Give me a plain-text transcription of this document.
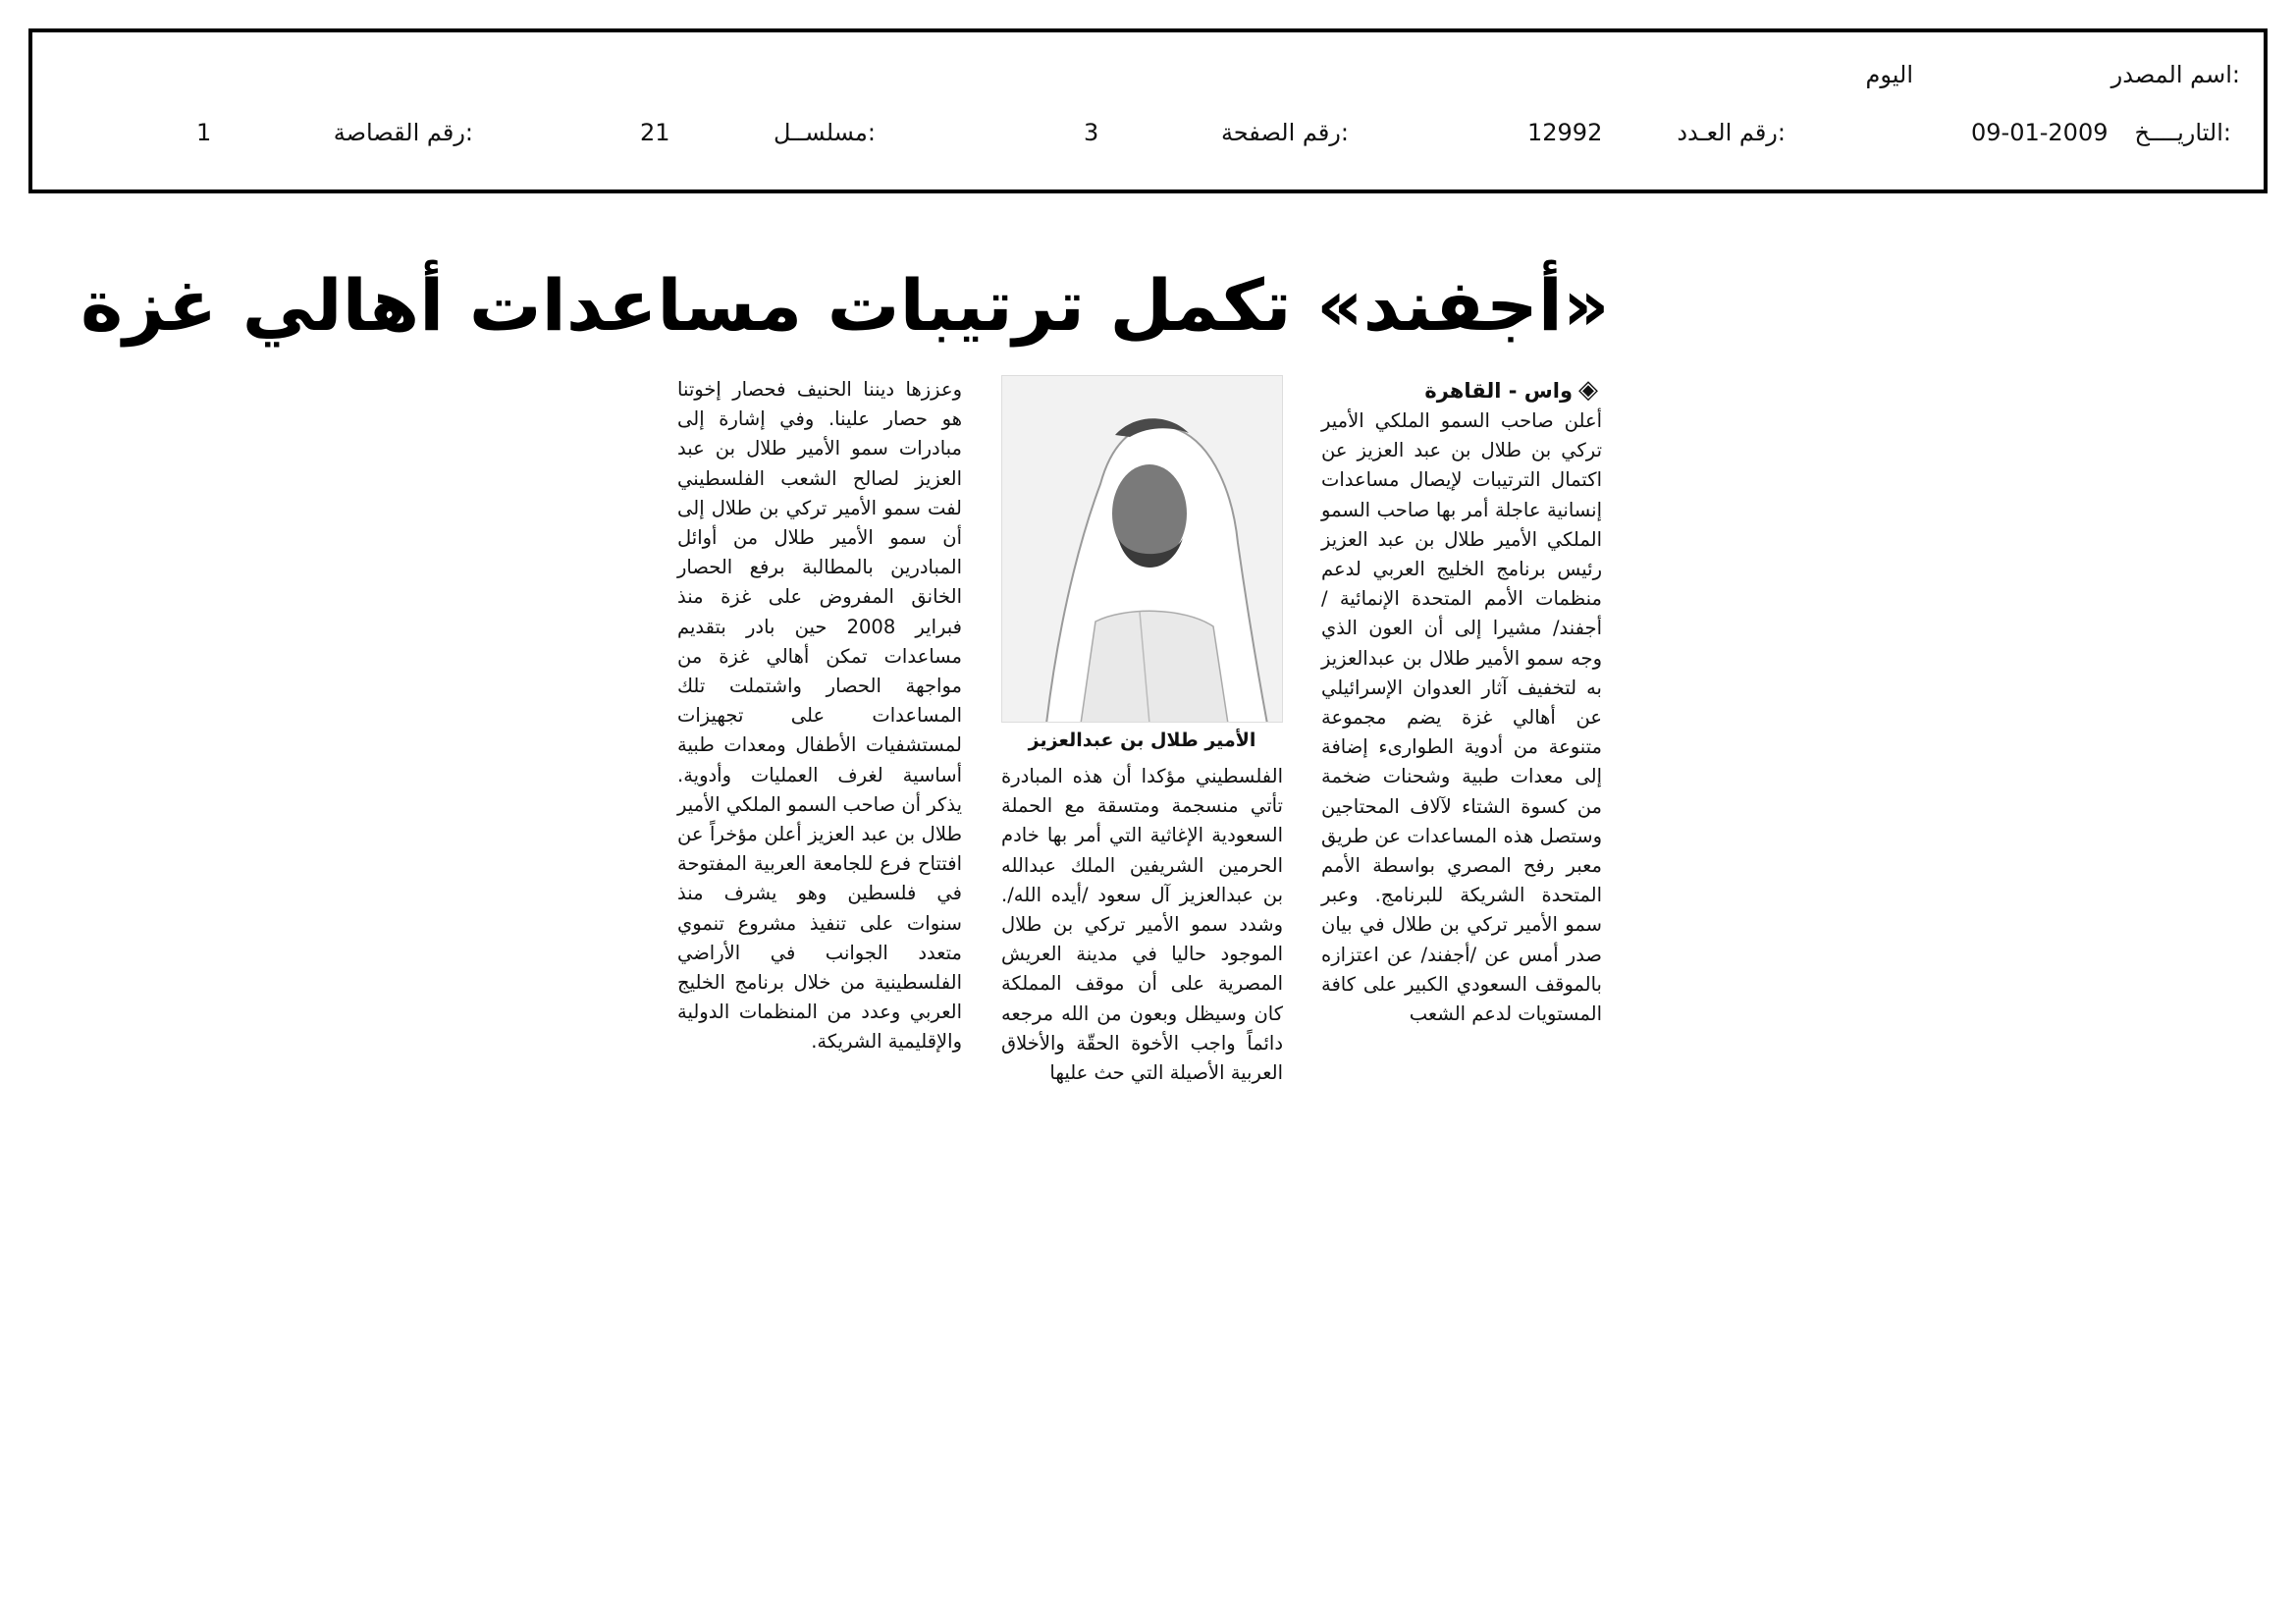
اسم المصدر:
اليوم
التاريــــخ:
09-01-2009
رقم العـدد:
12992
رقم الصفحة:
3
مسلســل:
21
رقم القصاصة:
1
«أجفند» تكمل ترتيبات مساعدات أهالي غزة
◈واس - القاهرة

أعلن صاحب السمو الملكي الأمير تركي بن طلال بن عبد العزيز عن اكتمال الترتيبات لإيصال مساعدات إنسانية عاجلة أمر بها صاحب السمو الملكي الأمير طلال بن عبد العزيز رئيس برنامج الخليج العربي لدعم منظمات الأمم المتحدة الإنمائية /أجفند/ مشيرا إلى أن العون الذي وجه سمو الأمير طلال بن عبدالعزيز به لتخفيف آثار العدوان الإسرائيلي عن أهالي غزة يضم مجموعة متنوعة من أدوية الطوارىء إضافة إلى معدات طبية وشحنات ضخمة من كسوة الشتاء لآلاف المحتاجين وستصل هذه المساعدات عن طريق معبر رفح المصري بواسطة الأمم المتحدة الشريكة للبرنامج. وعبر سمو الأمير تركي بن طلال في بيان صدر أمس عن /أجفند/ عن اعتزازه بالموقف السعودي الكبير على كافة المستويات لدعم الشعب

الأمير طلال بن عبدالعزيز

الفلسطيني مؤكدا أن هذه المبادرة تأتي منسجمة ومتسقة مع الحملة السعودية الإغاثية التي أمر بها خادم الحرمين الشريفين الملك عبدالله بن عبدالعزيز آل سعود /أيده الله/. وشدد سمو الأمير تركي بن طلال الموجود حاليا في مدينة العريش المصرية على أن موقف المملكة كان وسيظل وبعون من الله مرجعه دائماً واجب الأخوة الحقّة والأخلاق العربية الأصيلة التي حث عليها

وعززها ديننا الحنيف فحصار إخوتنا هو حصار علينا. وفي إشارة إلى مبادرات سمو الأمير طلال بن عبد العزيز لصالح الشعب الفلسطيني لفت سمو الأمير تركي بن طلال إلى أن سمو الأمير طلال من أوائل المبادرين بالمطالبة برفع الحصار الخانق المفروض على غزة منذ فبراير 2008 حين بادر بتقديم مساعدات تمكن أهالي غزة من مواجهة الحصار واشتملت تلك المساعدات على تجهيزات لمستشفيات الأطفال ومعدات طبية أساسية لغرف العمليات وأدوية. يذكر أن صاحب السمو الملكي الأمير طلال بن عبد العزيز أعلن مؤخراً عن افتتاح فرع للجامعة العربية المفتوحة في فلسطين وهو يشرف منذ سنوات على تنفيذ مشروع تنموي متعدد الجوانب في الأراضي الفلسطينية من خلال برنامج الخليج العربي وعدد من المنظمات الدولية والإقليمية الشريكة.
